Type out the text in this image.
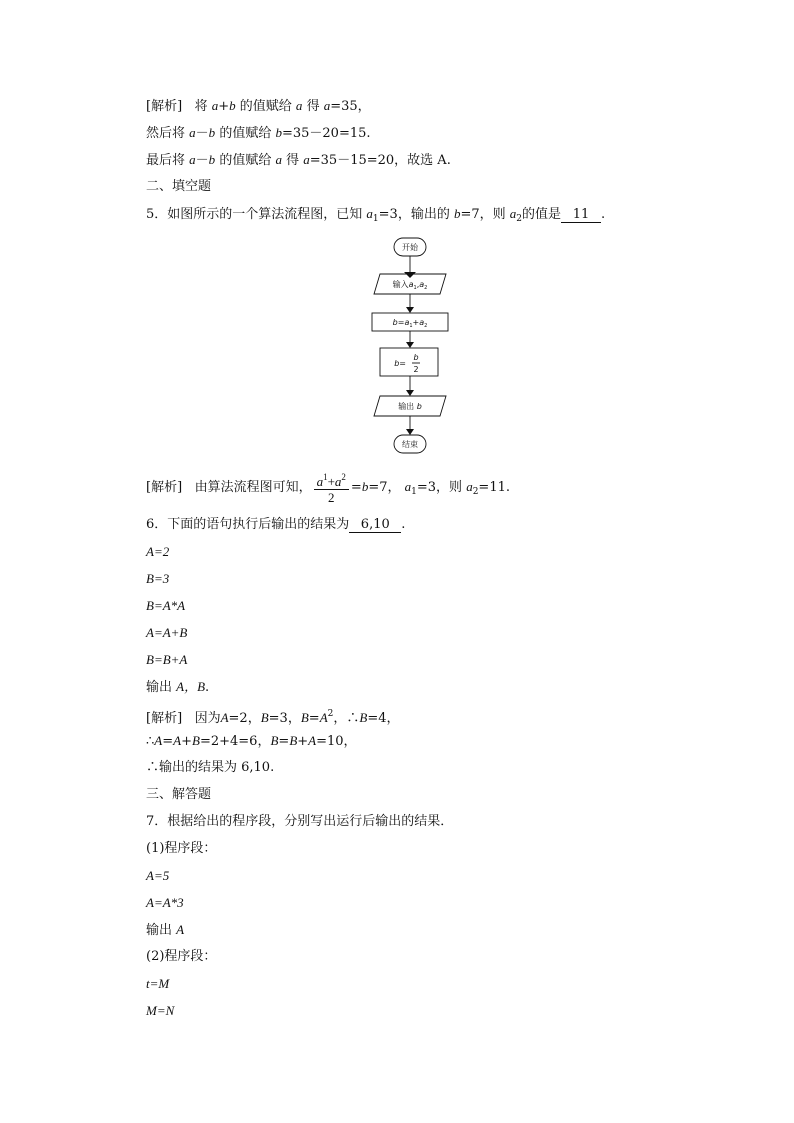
[解析] 将 a+b 的值赋给 a 得 a=35，

然后将 a－b 的值赋给 b=35－20=15.

最后将 a－b 的值赋给 a 得 a=35－15=20，故选 A.

二、填空题

5．如图所示的一个算法流程图，已知 $a_1=3$，输出的 b=7，则 $a_2$的值是 11 .

开始
输入$a_1,a_2$
$b=a_1+a_2$
b=
b
2
输出 b
结束

[解析] 由算法流程图可知， $\frac{a^1+a^2}{2} =b=7$， $a_1=3$，则 $a_2=11$.

6．下面的语句执行后输出的结果为 6,10 .

A=2

B=3

B=A*A

A=A+B

B=B+A

输出 A，B.

[解析] 因为A=2，B=3，$B=A^2$，∴B=4，

∴A=A+B=2+4=6，B=B+A=10，

∴输出的结果为 6,10.

三、解答题

7．根据给出的程序段，分别写出运行后输出的结果．

(1)程序段：

A=5

A=A*3

输出 A

(2)程序段：

t=M

M=N
